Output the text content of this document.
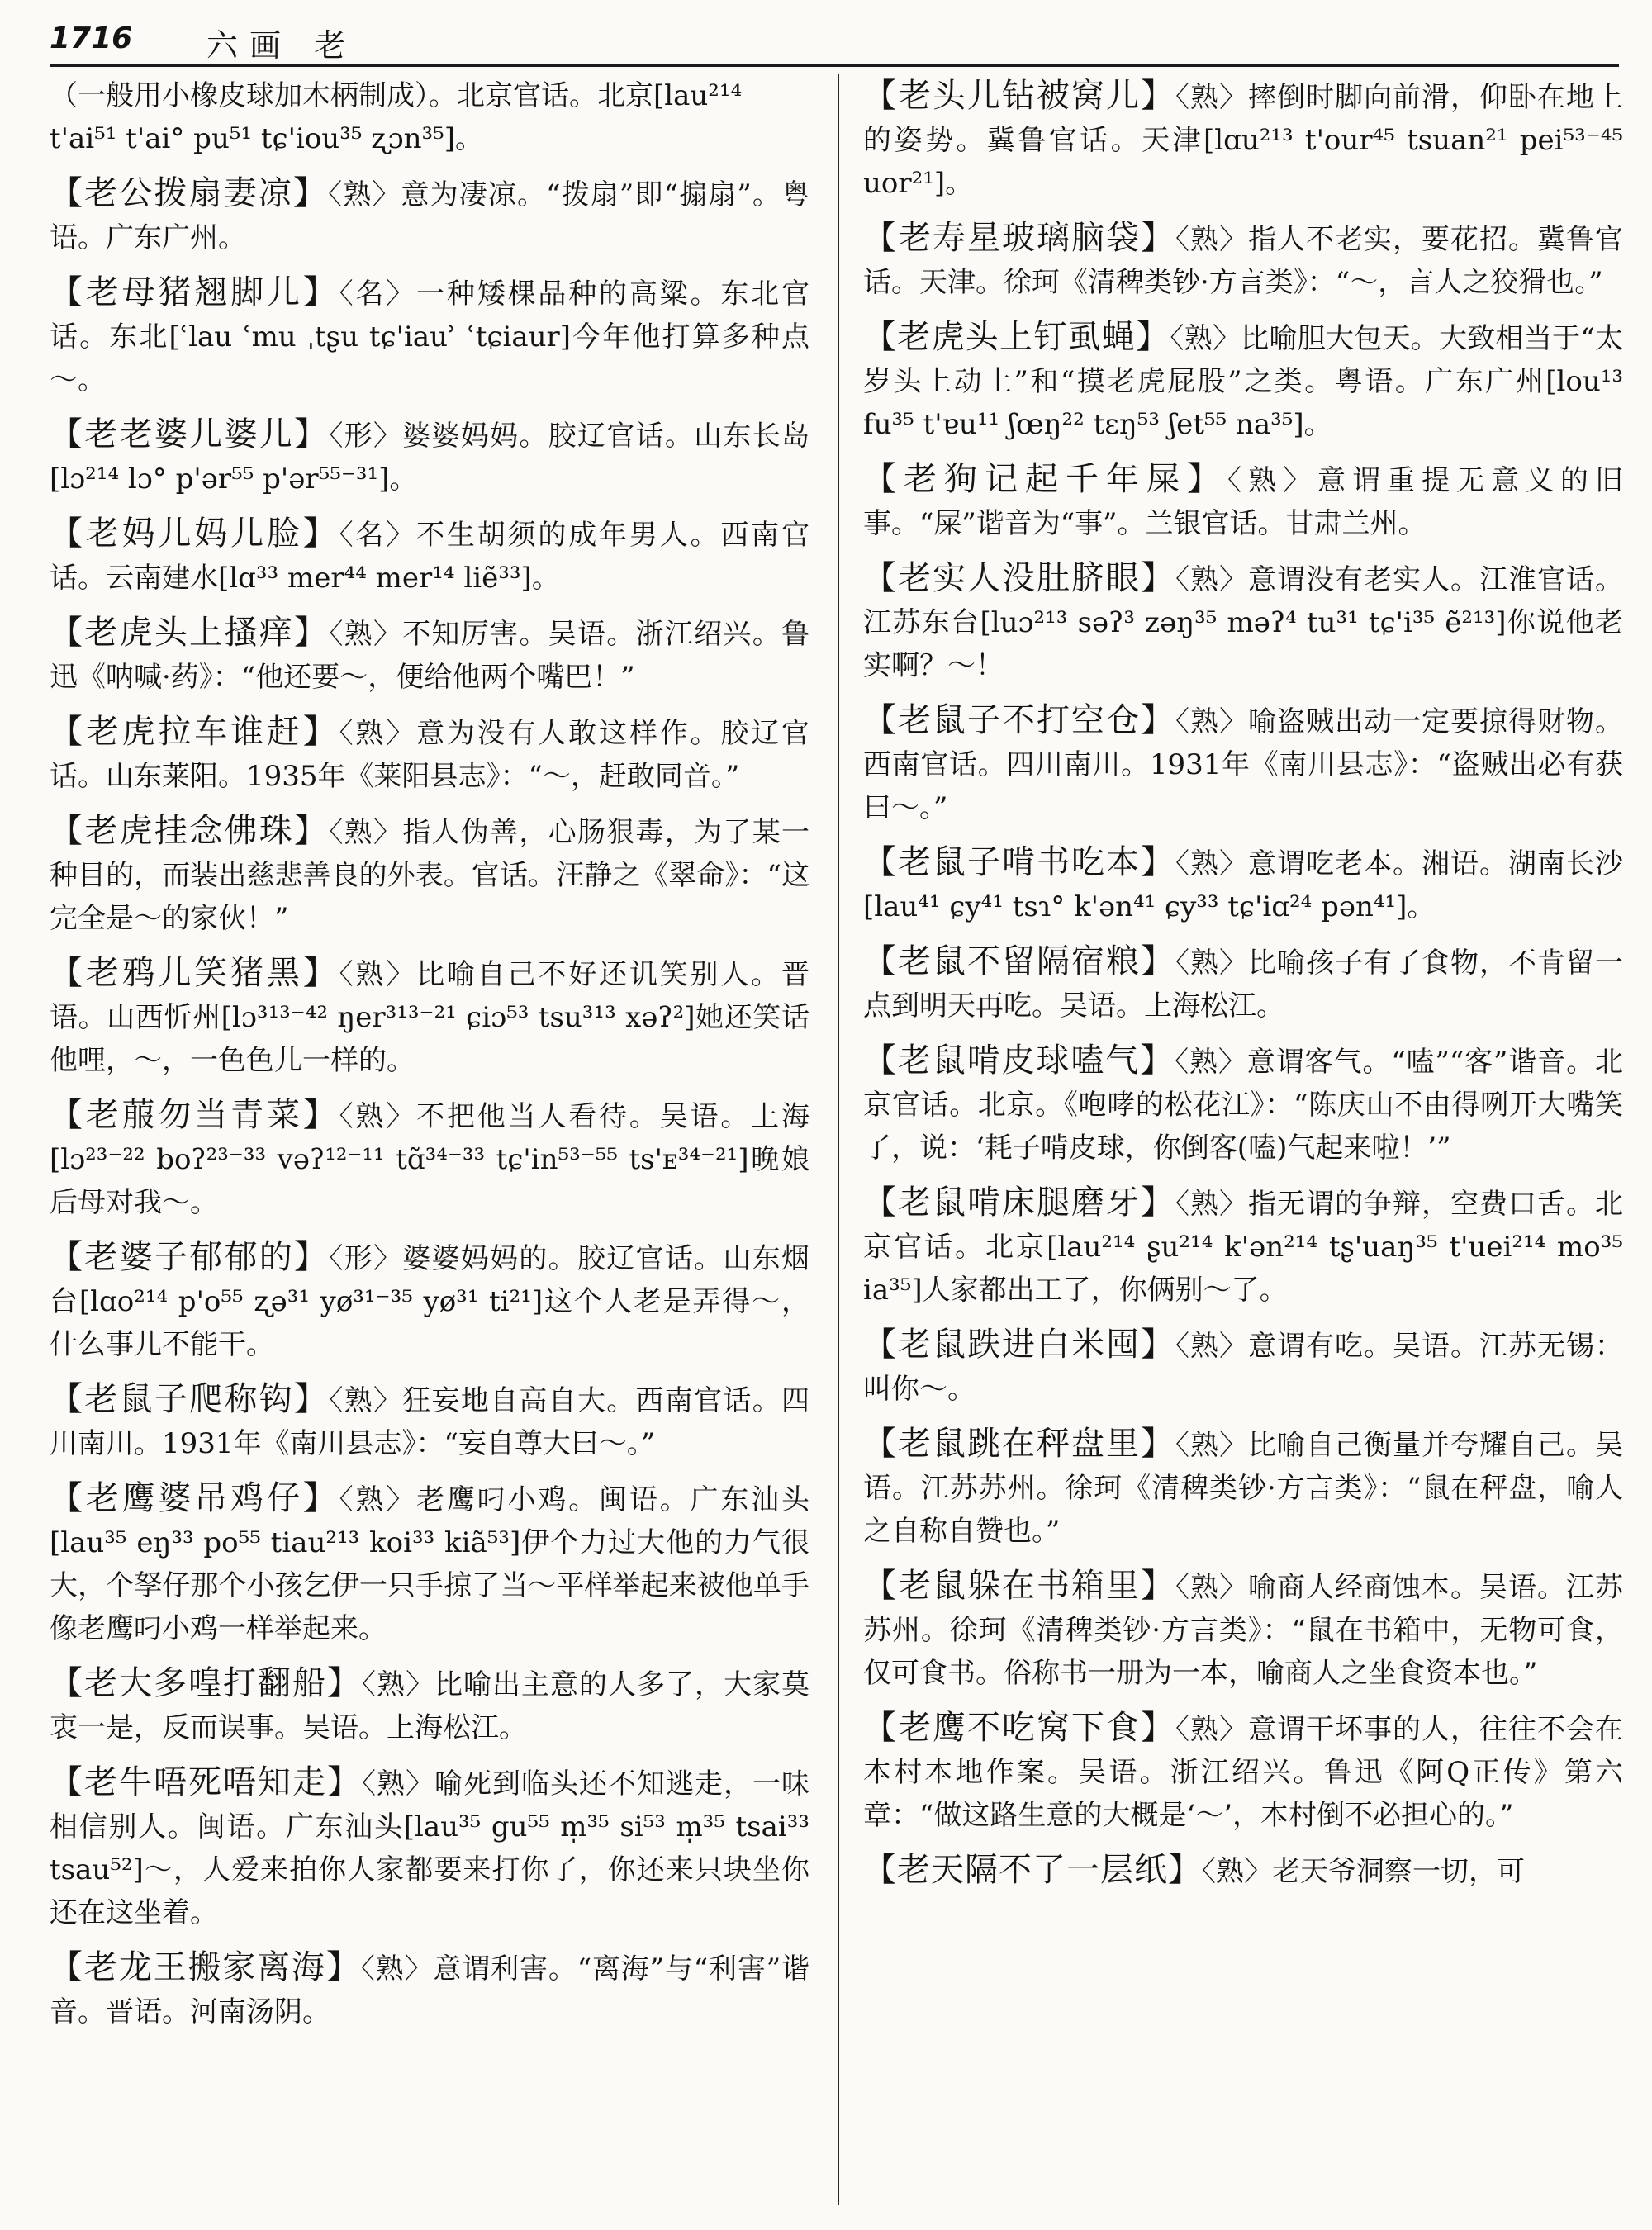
1716 六画 老

（一般用小橡皮球加木柄制成）。北京官话。北京[lau²¹⁴ t'ai⁵¹ t'ai° pu⁵¹ tɕ'iou³⁵ ʐɔn³⁵]。

【老公拨扇妻凉】〈熟〉意为凄凉。“拨扇”即“搧扇”。粤语。广东广州。

【老母猪翘脚儿】〈名〉一种矮棵品种的高粱。东北官话。东北[ʿlau ʿmu ˌtʂu tɕ'iauʾ ʿtɕiaur]今年他打算多种点～。

【老老婆儿婆儿】〈形〉婆婆妈妈。胶辽官话。山东长岛[lɔ²¹⁴ lɔ° p'ər⁵⁵ p'ər⁵⁵⁻³¹]。

【老妈儿妈儿脸】〈名〉不生胡须的成年男人。西南官话。云南建水[lɑ³³ mer⁴⁴ mer¹⁴ liẽ³³]。

【老虎头上搔痒】〈熟〉不知厉害。吴语。浙江绍兴。鲁迅《呐喊·药》：“他还要～，便给他两个嘴巴！”

【老虎拉车谁赶】〈熟〉意为没有人敢这样作。胶辽官话。山东莱阳。1935年《莱阳县志》：“～，赶敢同音。”

【老虎挂念佛珠】〈熟〉指人伪善，心肠狠毒，为了某一种目的，而装出慈悲善良的外表。官话。汪静之《翠命》：“这完全是～的家伙！”

【老鸦儿笑猪黑】〈熟〉比喻自己不好还讥笑别人。晋语。山西忻州[lɔ³¹³⁻⁴² ŋer³¹³⁻²¹ ɕiɔ⁵³ tsu³¹³ xəʔ²]她还笑话他哩，～，一色色儿一样的。

【老菔勿当青菜】〈熟〉不把他当人看待。吴语。上海[lɔ²³⁻²² boʔ²³⁻³³ vəʔ¹²⁻¹¹ tɑ̃³⁴⁻³³ tɕ'in⁵³⁻⁵⁵ ts'ᴇ³⁴⁻²¹]晚娘后母对我～。

【老婆子郁郁的】〈形〉婆婆妈妈的。胶辽官话。山东烟台[lɑo²¹⁴ p'o⁵⁵ ʐə³¹ yø³¹⁻³⁵ yø³¹ ti²¹]这个人老是弄得～，什么事儿不能干。

【老鼠子爬称钩】〈熟〉狂妄地自高自大。西南官话。四川南川。1931年《南川县志》：“妄自尊大曰～。”

【老鹰婆吊鸡仔】〈熟〉老鹰叼小鸡。闽语。广东汕头[lau³⁵ eŋ³³ po⁵⁵ tiau²¹³ koi³³ kiã⁵³]伊个力过大他的力气很大，个孥仔那个小孩乞伊一只手掠了当～平样举起来被他单手像老鹰叼小鸡一样举起来。

【老大多喤打翻船】〈熟〉比喻出主意的人多了，大家莫衷一是，反而误事。吴语。上海松江。

【老牛唔死唔知走】〈熟〉喻死到临头还不知逃走，一味相信别人。闽语。广东汕头[lau³⁵ gu⁵⁵ m̩³⁵ si⁵³ m̩³⁵ tsai³³ tsau⁵²]～，人爱来拍你人家都要来打你了，你还来只块坐你还在这坐着。

【老龙王搬家离海】〈熟〉意谓利害。“离海”与“利害”谐音。晋语。河南汤阴。

【老头儿钻被窝儿】〈熟〉摔倒时脚向前滑，仰卧在地上的姿势。冀鲁官话。天津[lɑu²¹³ t'our⁴⁵ tsuan²¹ pei⁵³⁻⁴⁵ uor²¹]。

【老寿星玻璃脑袋】〈熟〉指人不老实，要花招。冀鲁官话。天津。徐珂《清稗类钞·方言类》：“～，言人之狡猾也。”

【老虎头上钉虱蝇】〈熟〉比喻胆大包天。大致相当于“太岁头上动土”和“摸老虎屁股”之类。粤语。广东广州[lou¹³ fu³⁵ t'ɐu¹¹ ʃœŋ²² tɛŋ⁵³ ʃet⁵⁵ na³⁵]。

【老狗记起千年屎】〈熟〉意谓重提无意义的旧事。“屎”谐音为“事”。兰银官话。甘肃兰州。

【老实人没肚脐眼】〈熟〉意谓没有老实人。江淮官话。江苏东台[luɔ²¹³ səʔ³ zəŋ³⁵ məʔ⁴ tu³¹ tɕ'i³⁵ ẽ²¹³]你说他老实啊？～！

【老鼠子不打空仓】〈熟〉喻盗贼出动一定要掠得财物。西南官话。四川南川。1931年《南川县志》：“盗贼出必有获曰～。”

【老鼠子啃书吃本】〈熟〉意谓吃老本。湘语。湖南长沙[lau⁴¹ ɕy⁴¹ tsɿ° k'ən⁴¹ ɕy³³ tɕ'iɑ²⁴ pən⁴¹]。

【老鼠不留隔宿粮】〈熟〉比喻孩子有了食物，不肯留一点到明天再吃。吴语。上海松江。

【老鼠啃皮球嗑气】〈熟〉意谓客气。“嗑”“客”谐音。北京官话。北京。《咆哮的松花江》：“陈庆山不由得咧开大嘴笑了，说：‘耗子啃皮球，你倒客(嗑)气起来啦！’”

【老鼠啃床腿磨牙】〈熟〉指无谓的争辩，空费口舌。北京官话。北京[lau²¹⁴ ʂu²¹⁴ k'ən²¹⁴ tʂ'uaŋ³⁵ t'uei²¹⁴ mo³⁵ ia³⁵]人家都出工了，你俩别～了。

【老鼠跌进白米囤】〈熟〉意谓有吃。吴语。江苏无锡：叫你～。

【老鼠跳在秤盘里】〈熟〉比喻自己衡量并夸耀自己。吴语。江苏苏州。徐珂《清稗类钞·方言类》：“鼠在秤盘，喻人之自称自赞也。”

【老鼠躲在书箱里】〈熟〉喻商人经商蚀本。吴语。江苏苏州。徐珂《清稗类钞·方言类》：“鼠在书箱中，无物可食，仅可食书。俗称书一册为一本，喻商人之坐食资本也。”

【老鹰不吃窝下食】〈熟〉意谓干坏事的人，往往不会在本村本地作案。吴语。浙江绍兴。鲁迅《阿Q正传》第六章：“做这路生意的大概是‘～’，本村倒不必担心的。”

【老天隔不了一层纸】〈熟〉老天爷洞察一切，可
